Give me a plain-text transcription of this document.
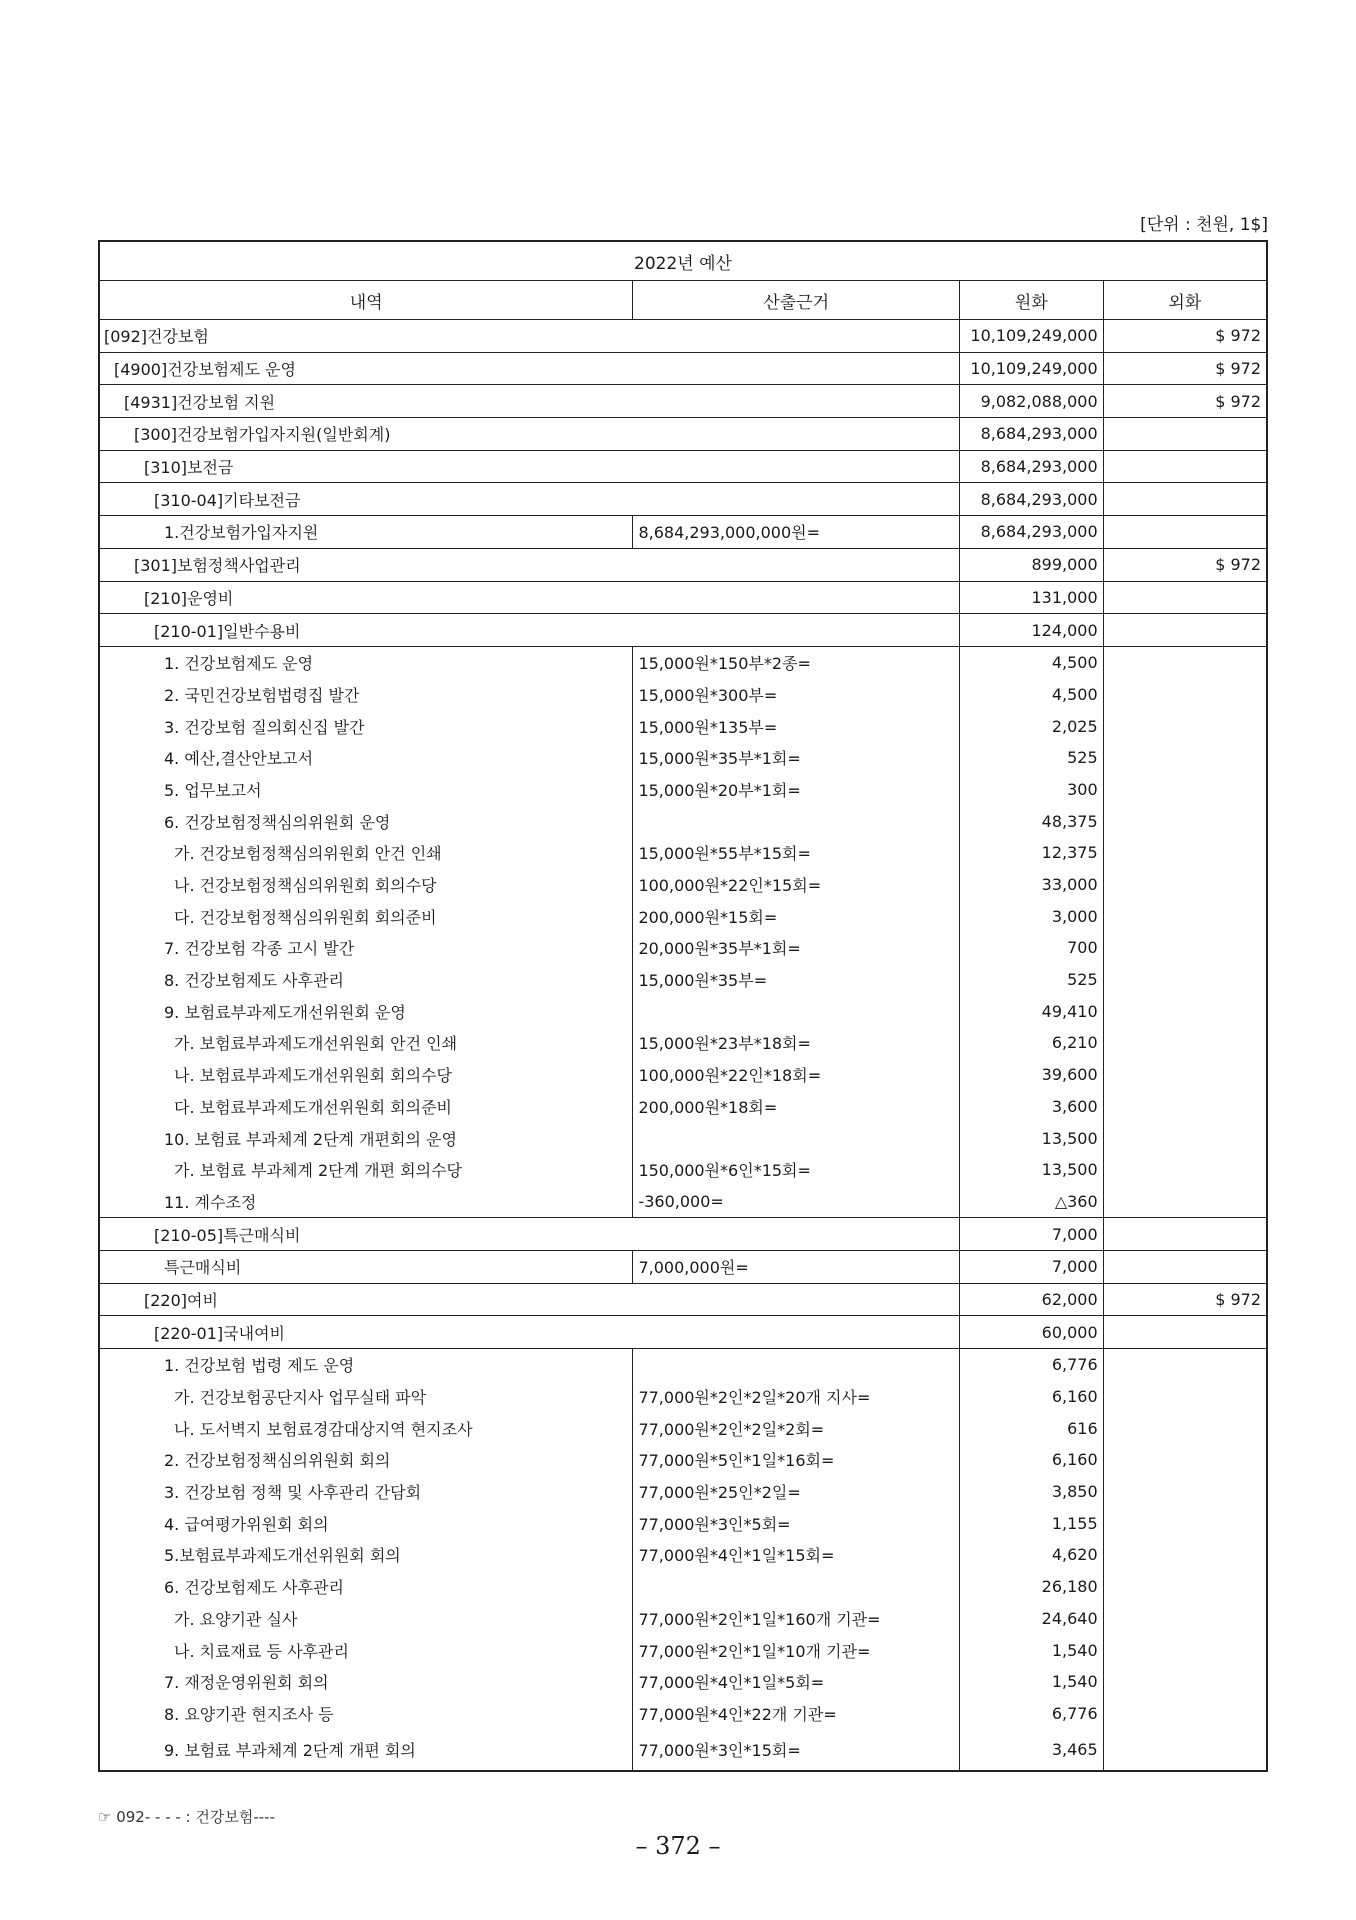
[단위 : 천원, 1$]
2022년 예산			
내역	산출근거	원화	외화
[092]건강보험		10,109,249,000	$ 972
[4900]건강보험제도 운영		10,109,249,000	$ 972
[4931]건강보험 지원		9,082,088,000	$ 972
[300]건강보험가입자지원(일반회계)		8,684,293,000	
[310]보전금		8,684,293,000	
[310-04]기타보전금		8,684,293,000	
1.건강보험가입자지원	8,684,293,000,000원=	8,684,293,000	
[301]보험정책사업관리		899,000	$ 972
[210]운영비		131,000	
[210-01]일반수용비		124,000	
1. 건강보험제도 운영	15,000원*150부*2종=	4,500	
2. 국민건강보험법령집 발간	15,000원*300부=	4,500	
3. 건강보험 질의회신집 발간	15,000원*135부=	2,025	
4. 예산,결산안보고서	15,000원*35부*1회=	525	
5. 업무보고서	15,000원*20부*1회=	300	
6. 건강보험정책심의위원회 운영		48,375	
가. 건강보험정책심의위원회 안건 인쇄	15,000원*55부*15회=	12,375	
나. 건강보험정책심의위원회 회의수당	100,000원*22인*15회=	33,000	
다. 건강보험정책심의위원회 회의준비	200,000원*15회=	3,000	
7. 건강보험 각종 고시 발간	20,000원*35부*1회=	700	
8. 건강보험제도 사후관리	15,000원*35부=	525	
9. 보험료부과제도개선위원회 운영		49,410	
가. 보험료부과제도개선위원회 안건 인쇄	15,000원*23부*18회=	6,210	
나. 보험료부과제도개선위원회 회의수당	100,000원*22인*18회=	39,600	
다. 보험료부과제도개선위원회 회의준비	200,000원*18회=	3,600	
10. 보험료 부과체계 2단계 개편회의 운영		13,500	
가. 보험료 부과체계 2단계 개편 회의수당	150,000원*6인*15회=	13,500	
11. 계수조정	-360,000=	△360	
[210-05]특근매식비		7,000	
특근매식비	7,000,000원=	7,000	
[220]여비		62,000	$ 972
[220-01]국내여비		60,000	
1. 건강보험 법령 제도 운영		6,776	
가. 건강보험공단지사 업무실태 파악	77,000원*2인*2일*20개 지사=	6,160	
나. 도서벽지 보험료경감대상지역 현지조사	77,000원*2인*2일*2회=	616	
2. 건강보험정책심의위원회 회의	77,000원*5인*1일*16회=	6,160	
3. 건강보험 정책 및 사후관리 간담회	77,000원*25인*2일=	3,850	
4. 급여평가위원회 회의	77,000원*3인*5회=	1,155	
5.보험료부과제도개선위원회 회의	77,000원*4인*1일*15회=	4,620	
6. 건강보험제도 사후관리		26,180	
가. 요양기관 실사	77,000원*2인*1일*160개 기관=	24,640	
나. 치료재료 등 사후관리	77,000원*2인*1일*10개 기관=	1,540	
7. 재정운영위원회 회의	77,000원*4인*1일*5회=	1,540	
8. 요양기관 현지조사 등	77,000원*4인*22개 기관=	6,776	
9. 보험료 부과체계 2단계 개편 회의	77,000원*3인*15회=	3,465	
☞ 092- - - - : 건강보험----
– 372 –
